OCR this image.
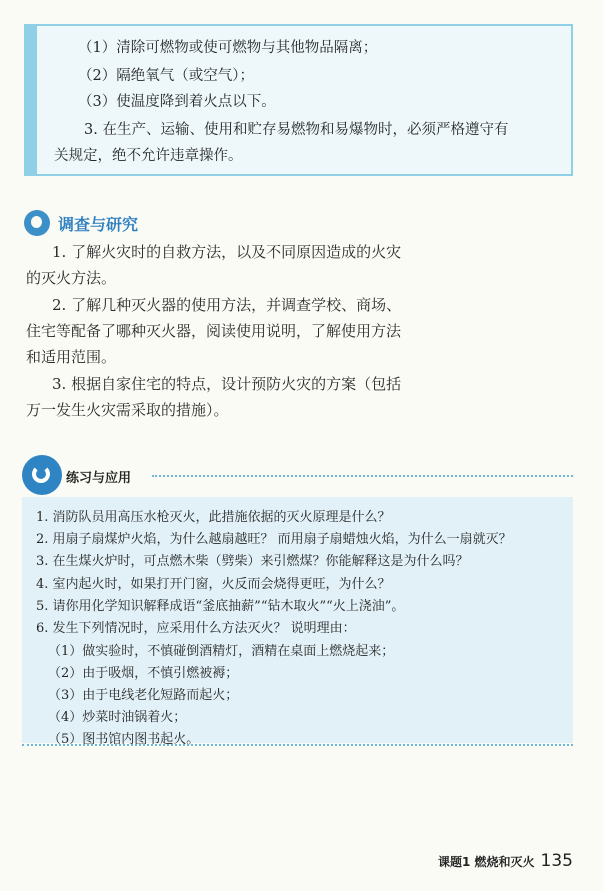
（1）清除可燃物或使可燃物与其他物品隔离；
（2）隔绝氧气（或空气）；
（3）使温度降到着火点以下。
3. 在生产、运输、使用和贮存易燃物和易爆物时，必须严格遵守有
关规定，绝不允许违章操作。
调查与研究
1. 了解火灾时的自救方法，以及不同原因造成的火灾
的灭火方法。
2. 了解几种灭火器的使用方法，并调查学校、商场、
住宅等配备了哪种灭火器，阅读使用说明，了解使用方法
和适用范围。
3. 根据自家住宅的特点，设计预防火灾的方案（包括
万一发生火灾需采取的措施）。
练习与应用
1. 消防队员用高压水枪灭火，此措施依据的灭火原理是什么？
2. 用扇子扇煤炉火焰，为什么越扇越旺？ 而用扇子扇蜡烛火焰，为什么一扇就灭？
3. 在生煤火炉时，可点燃木柴（劈柴）来引燃煤？你能解释这是为什么吗？
4. 室内起火时，如果打开门窗，火反而会烧得更旺，为什么？
5. 请你用化学知识解释成语“釜底抽薪”“钻木取火”“火上浇油”。
6. 发生下列情况时，应采用什么方法灭火？ 说明理由：
（1）做实验时，不慎碰倒酒精灯，酒精在桌面上燃烧起来；
（2）由于吸烟，不慎引燃被褥；
（3）由于电线老化短路而起火；
（4）炒菜时油锅着火；
（5）图书馆内图书起火。
课题1 燃烧和灭火 135
